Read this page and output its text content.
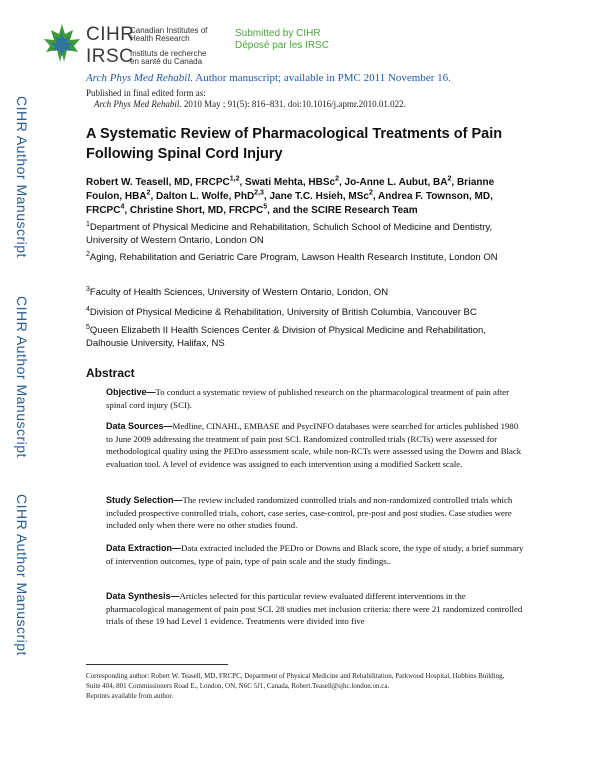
CIHR
IRSC
Canadian Institutes of
Health Research
Instituts de recherche
en santé du Canada
Submitted by CIHR
Déposé par les IRSC
Arch Phys Med Rehabil. Author manuscript; available in PMC 2011 November 16.
Published in final edited form as:
Arch Phys Med Rehabil. 2010 May ; 91(5): 816–831. doi:10.1016/j.apmr.2010.01.022.
CIHR Author Manuscript
CIHR Author Manuscript
CIHR Author Manuscript
A Systematic Review of Pharmacological Treatments of Pain Following Spinal Cord Injury
Robert W. Teasell, MD, FRCPC$^{1,2}$, Swati Mehta, HBSc$^2$, Jo-Anne L. Aubut, $BA^2$, Brianne Foulon, HBA$^2$, Dalton L. Wolfe, PhD$^{2,3}$, Jane T.C. Hsieh, MSc$^2$, Andrea F. Townson, MD, FRCPC$^4$, Christine Short, MD, FRCPC$^5$, and the SCIRE Research Team
$^1$Department of Physical Medicine and Rehabilitation, Schulich School of Medicine and Dentistry, University of Western Ontario, London ON
$^2$Aging, Rehabilitation and Geriatric Care Program, Lawson Health Research Institute, London ON
$^3$Faculty of Health Sciences, University of Western Ontario, London, ON
$^4$Division of Physical Medicine & Rehabilitation, University of British Columbia, Vancouver BC
$^5$Queen Elizabeth II Health Sciences Center & Division of Physical Medicine and Rehabilitation, Dalhousie University, Halifax, NS
Abstract
Objective—To conduct a systematic review of published research on the pharmacological treatment of pain after spinal cord injury (SCI).
Data Sources—Medline, CINAHL, EMBASE and PsycINFO databases were searched for articles published 1980 to June 2009 addressing the treatment of pain post SCI. Randomized controlled trials (RCTs) were assessed for methodological quality using the PEDro assessment scale, while non-RCTs were assessed using the Downs and Black evaluation tool. A level of evidence was assigned to each intervention using a modified Sackett scale.
Study Selection—The review included randomized controlled trials and non-randomized controlled trials which included prospective controlled trials, cohort, case series, case-control, pre-post and post studies. Case studies were included only when there were no other studies found.
Data Extraction—Data extracted included the PEDro or Downs and Black score, the type of study, a brief summary of intervention outcomes, type of pain, type of pain scale and the study findings..
Data Synthesis—Articles selected for this particular review evaluated different interventions in the pharmacological management of pain post SCI. 28 studies met inclusion criteria: there were 21 randomized controlled trials of these 19 had Level 1 evidence. Treatments were divided into five
Corresponding author: Robert W. Teasell, MD, FRCPC, Department of Physical Medicine and Rehabilitation, Parkwood Hospital, Hobbins Building, Suite 404, 801 Commissioners Road E., London, ON, N6C 5J1, Canada, Robert.Teasell@sjhc.london.on.ca.
Reprints available from author.
